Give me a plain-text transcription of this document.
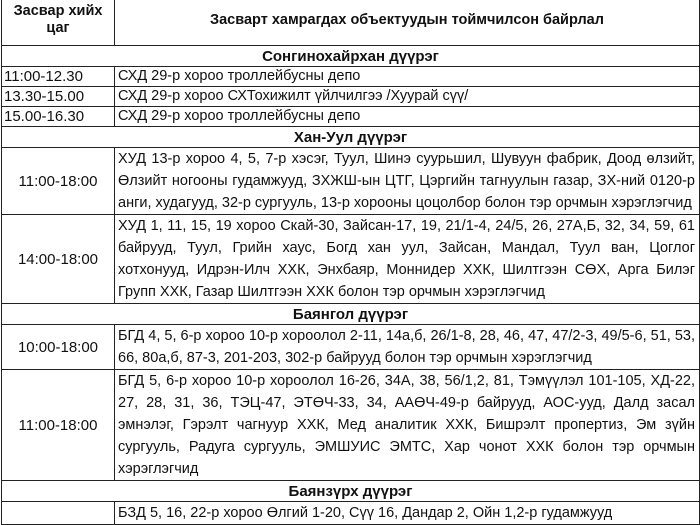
Засвар хийх цаг	Засварт хамрагдах объектуудын тоймчилсон байрлал
Сонгинохайрхан дүүрэг	
11:00-12.30	СХД 29-р хороо троллейбусны депо
13.30-15.00	СХД 29-р хороо СХТохижилт үйлчилгээ /Хуурай сүү/
15.00-16.30	СХД 29-р хороо троллейбусны депо
Хан-Уул дүүрэг	
11:00-18:00	ХУД 13-р хороо 4, 5, 7-р хэсэг, Туул, Шинэ суурьшил, Шувуун фабрик, Доод өлзийт, Өлзийт ногооны гудамжууд, ЗХЖШ-ын ЦТГ, Цэргийн тагнуулын газар, ЗХ-ний 0120-р анги, худагууд, 32-р сургууль, 13-р хорооны цоцолбор болон тэр орчмын хэрэглэгчид
14:00-18:00	ХУД 1, 11, 15, 19 хороо Скай-30, Зайсан-17, 19, 21/1-4, 24/5, 26, 27А,Б, 32, 34, 59, 61 байрууд, Туул, Грийн хаус, Богд хан уул, Зайсан, Мандал, Туул ван, Цоглог хотхонууд, Идрэн-Илч ХХК, Энхбаяр, Моннидер ХХК, Шилтгээн СӨХ, Арга Билэг Групп ХХК, Газар Шилтгээн ХХК болон тэр орчмын хэрэглэгчид
Баянгол дүүрэг	
10:00-18:00	БГД 4, 5, 6-р хороо 10-р хороолол 2-11, 14а,б, 26/1-8, 28, 46, 47, 47/2-3, 49/5-6, 51, 53, 66, 80а,б, 87-3, 201-203, 302-р байрууд болон тэр орчмын хэрэглэгчид
11:00-18:00	БГД 5, 6-р хороо 10-р хороолол 16-26, 34А, 38, 56/1,2, 81, Тэмүүлэл 101-105, ХД-22, 27, 28, 31, 36, ТЭЦ-47, ЭТӨЧ-33, 34, ААӨЧ-49-р байрууд, АОС-ууд, Далд засал эмнэлэг, Гэрэлт чагнуур ХХК, Мед аналитик ХХК, Бишрэлт пропертиз, Эм зүйн сургууль, Радуга сургууль, ЭМШУИС ЭМТС, Хар чонот ХХК болон тэр орчмын хэрэглэгчид
Баянзүрх дүүрэг	
	БЗД 5, 16, 22-р хороо Өлгий 1-20, Сүү 16, Дандар 2, Ойн 1,2-р гудамжууд
